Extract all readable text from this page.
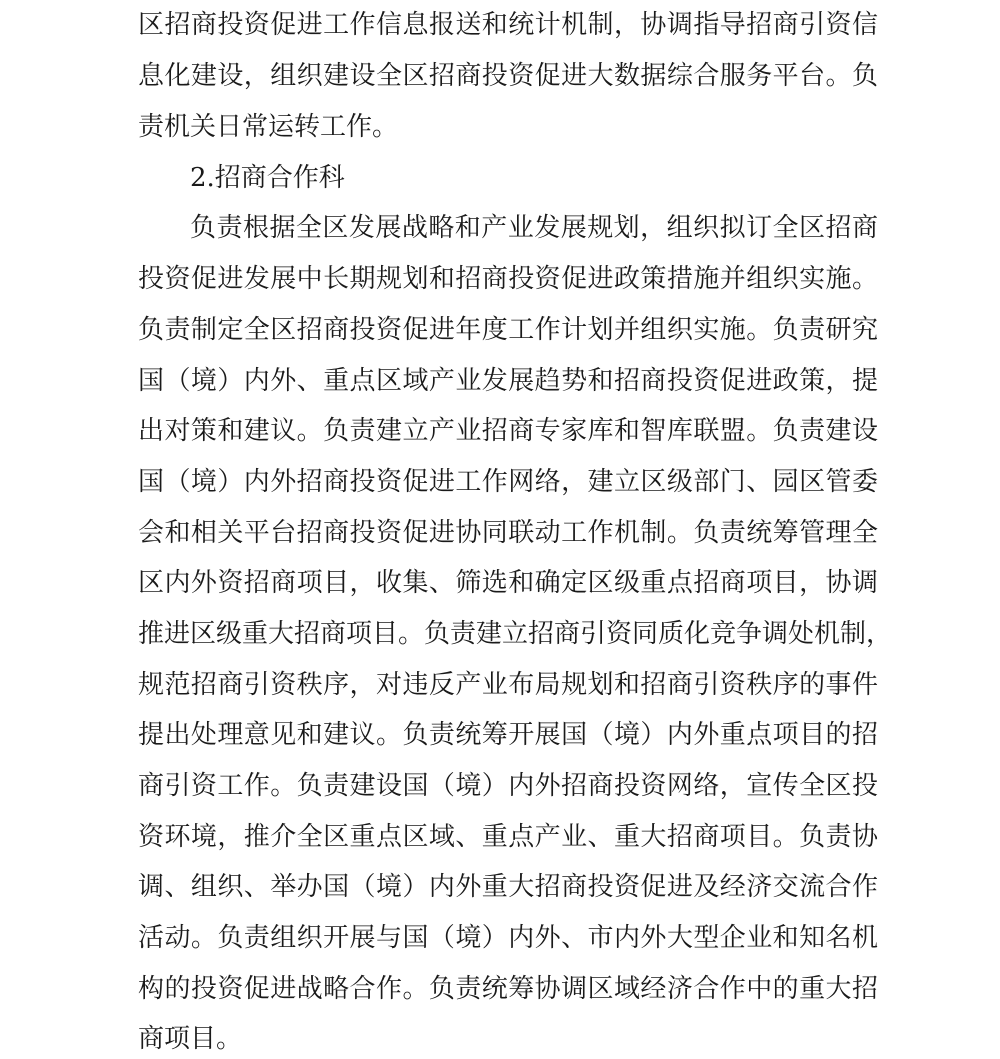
区招商投资促进工作信息报送和统计机制，协调指导招商引资信
息化建设，组织建设全区招商投资促进大数据综合服务平台。负
责机关日常运转工作。
2.招商合作科
负责根据全区发展战略和产业发展规划，组织拟订全区招商
投资促进发展中长期规划和招商投资促进政策措施并组织实施。
负责制定全区招商投资促进年度工作计划并组织实施。负责研究
国（境）内外、重点区域产业发展趋势和招商投资促进政策，提
出对策和建议。负责建立产业招商专家库和智库联盟。负责建设
国（境）内外招商投资促进工作网络，建立区级部门、园区管委
会和相关平台招商投资促进协同联动工作机制。负责统筹管理全
区内外资招商项目，收集、筛选和确定区级重点招商项目，协调
推进区级重大招商项目。负责建立招商引资同质化竞争调处机制，
规范招商引资秩序，对违反产业布局规划和招商引资秩序的事件
提出处理意见和建议。负责统筹开展国（境）内外重点项目的招
商引资工作。负责建设国（境）内外招商投资网络，宣传全区投
资环境，推介全区重点区域、重点产业、重大招商项目。负责协
调、组织、举办国（境）内外重大招商投资促进及经济交流合作
活动。负责组织开展与国（境）内外、市内外大型企业和知名机
构的投资促进战略合作。负责统筹协调区域经济合作中的重大招
商项目。
